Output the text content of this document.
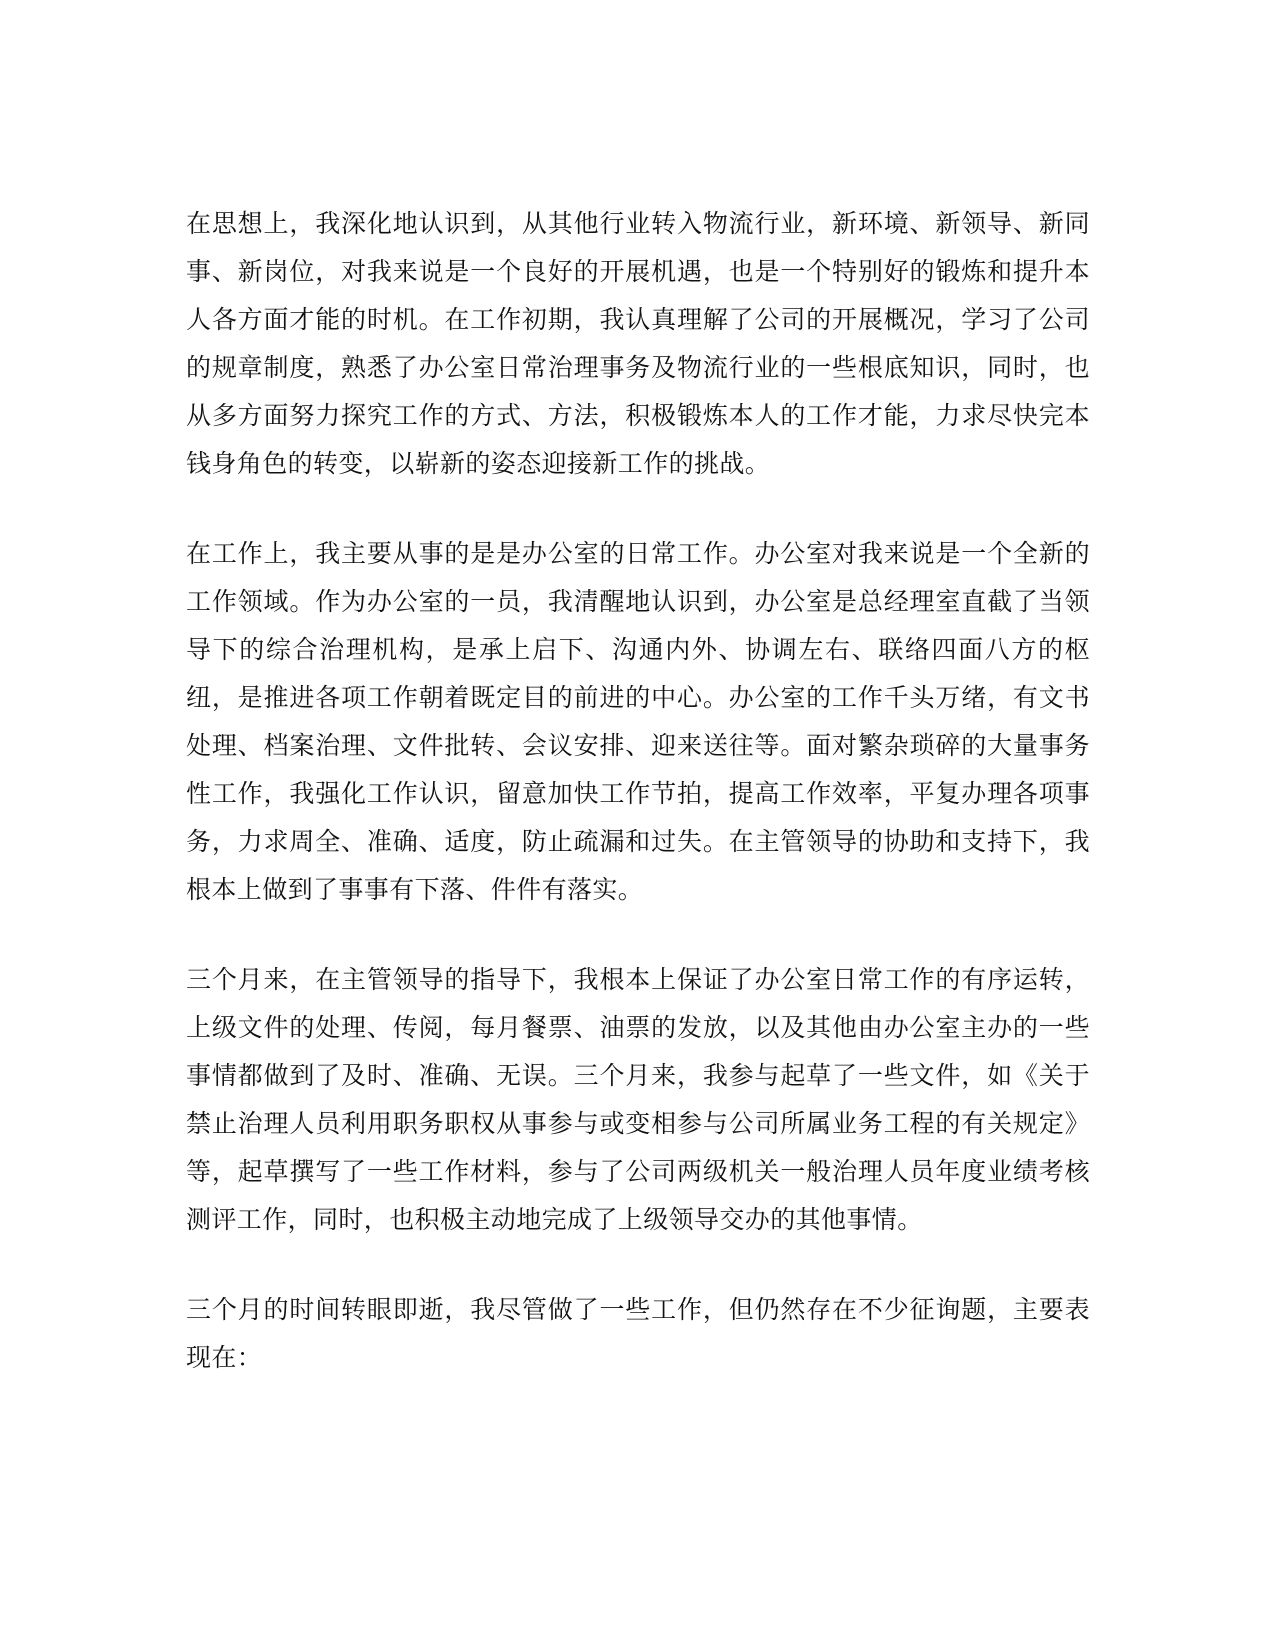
在思想上，我深化地认识到，从其他行业转入物流行业，新环境、新领导、新同事、新岗位，对我来说是一个良好的开展机遇，也是一个特别好的锻炼和提升本人各方面才能的时机。在工作初期，我认真理解了公司的开展概况，学习了公司的规章制度，熟悉了办公室日常治理事务及物流行业的一些根底知识，同时，也从多方面努力探究工作的方式、方法，积极锻炼本人的工作才能，力求尽快完本钱身角色的转变，以崭新的姿态迎接新工作的挑战。

在工作上，我主要从事的是是办公室的日常工作。办公室对我来说是一个全新的工作领域。作为办公室的一员，我清醒地认识到，办公室是总经理室直截了当领导下的综合治理机构，是承上启下、沟通内外、协调左右、联络四面八方的枢纽，是推进各项工作朝着既定目的前进的中心。办公室的工作千头万绪，有文书处理、档案治理、文件批转、会议安排、迎来送往等。面对繁杂琐碎的大量事务性工作，我强化工作认识，留意加快工作节拍，提高工作效率，平复办理各项事务，力求周全、准确、适度，防止疏漏和过失。在主管领导的协助和支持下，我根本上做到了事事有下落、件件有落实。

三个月来，在主管领导的指导下，我根本上保证了办公室日常工作的有序运转，上级文件的处理、传阅，每月餐票、油票的发放，以及其他由办公室主办的一些事情都做到了及时、准确、无误。三个月来，我参与起草了一些文件，如《关于禁止治理人员利用职务职权从事参与或变相参与公司所属业务工程的有关规定》等，起草撰写了一些工作材料，参与了公司两级机关一般治理人员年度业绩考核测评工作，同时，也积极主动地完成了上级领导交办的其他事情。

三个月的时间转眼即逝，我尽管做了一些工作，但仍然存在不少征询题，主要表现在：
